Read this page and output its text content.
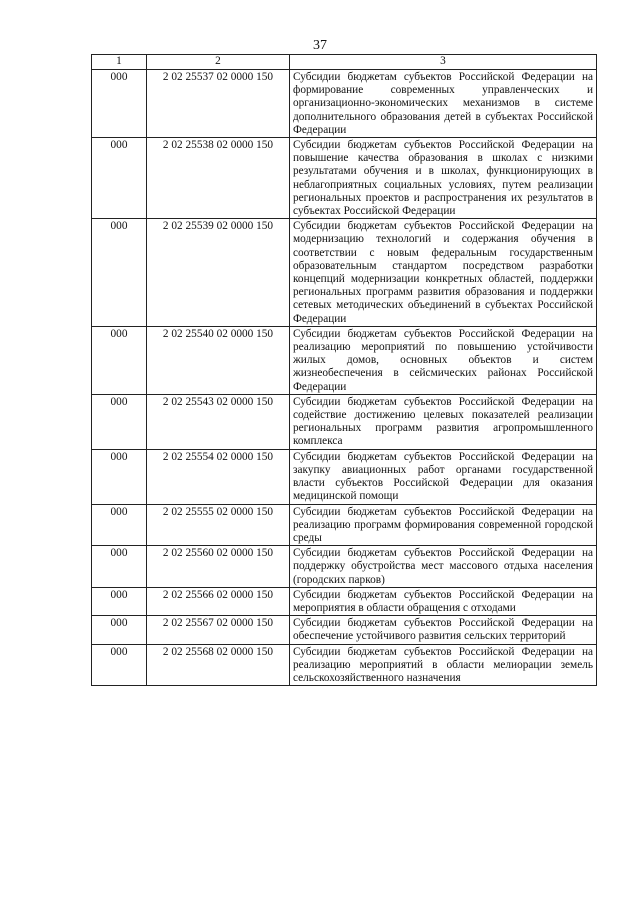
37
1	2	3
000	2 02 25537 02 0000 150	Субсидии бюджетам субъектов Российской Федерации на формирование современных управленческих и организационно-экономических механизмов в системе дополнительного образования детей в субъектах Российской Федерации
000	2 02 25538 02 0000 150	Субсидии бюджетам субъектов Российской Федерации на повышение качества образования в школах с низкими результатами обучения и в школах, функционирующих в неблагоприятных социальных условиях, путем реализации региональных проектов и распространения их результатов в субъектах Российской Федерации
000	2 02 25539 02 0000 150	Субсидии бюджетам субъектов Российской Федерации на модернизацию технологий и содержания обучения в соответствии с новым федеральным государственным образовательным стандартом посредством разработки концепций модернизации конкретных областей, поддержки региональных программ развития образования и поддержки сетевых методических объединений в субъектах Российской Федерации
000	2 02 25540 02 0000 150	Субсидии бюджетам субъектов Российской Федерации на реализацию мероприятий по повышению устойчивости жилых домов, основных объектов и систем жизнеобеспечения в сейсмических районах Российской Федерации
000	2 02 25543 02 0000 150	Субсидии бюджетам субъектов Российской Федерации на содействие достижению целевых показателей реализации региональных программ развития агропромышленного комплекса
000	2 02 25554 02 0000 150	Субсидии бюджетам субъектов Российской Федерации на закупку авиационных работ органами государственной власти субъектов Российской Федерации для оказания медицинской помощи
000	2 02 25555 02 0000 150	Субсидии бюджетам субъектов Российской Федерации на реализацию программ формирования современной городской среды
000	2 02 25560 02 0000 150	Субсидии бюджетам субъектов Российской Федерации на поддержку обустройства мест массового отдыха населения (городских парков)
000	2 02 25566 02 0000 150	Субсидии бюджетам субъектов Российской Федерации на мероприятия в области обращения с отходами
000	2 02 25567 02 0000 150	Субсидии бюджетам субъектов Российской Федерации на обеспечение устойчивого развития сельских территорий
000	2 02 25568 02 0000 150	Субсидии бюджетам субъектов Российской Федерации на реализацию мероприятий в области мелиорации земель сельскохозяйственного назначения
